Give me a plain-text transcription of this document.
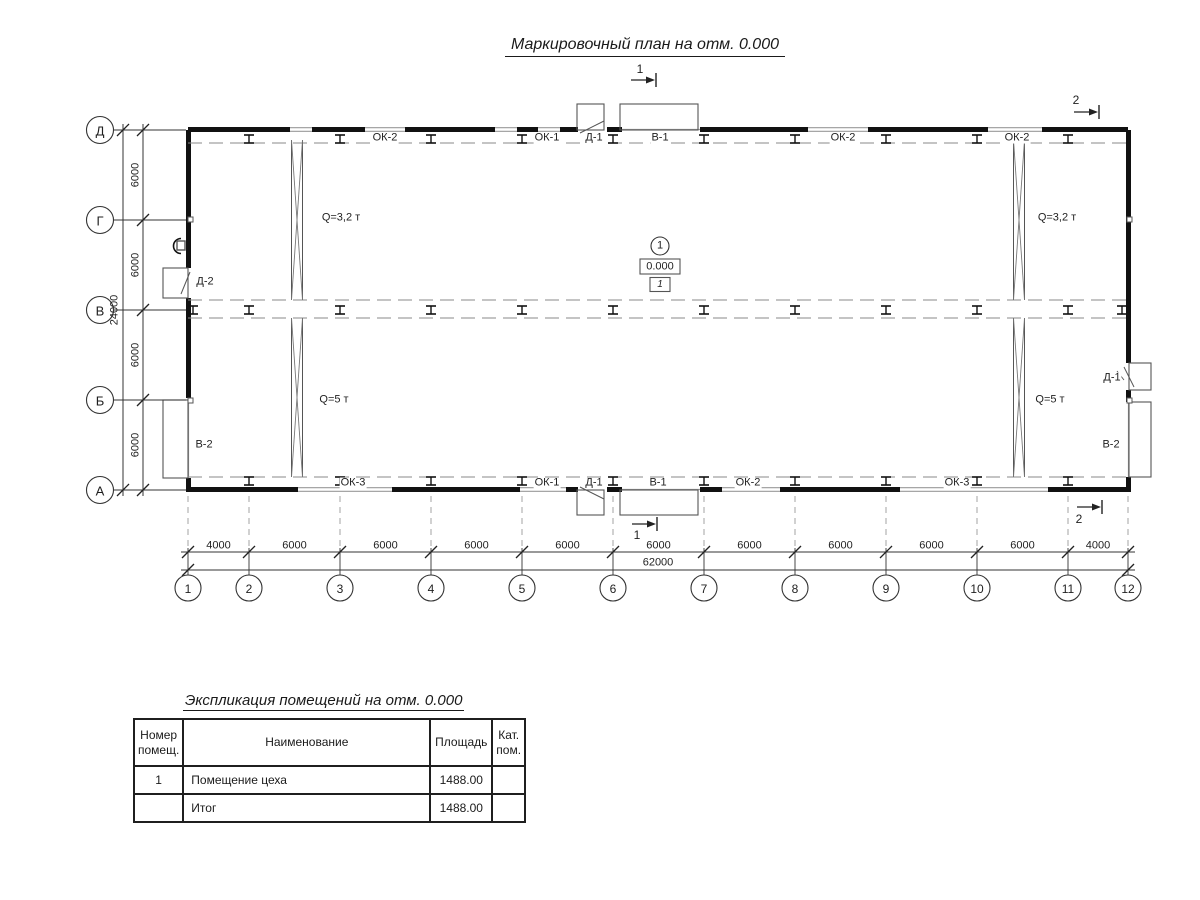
Маркировочный план на отм. 0.000
Q=3,2 т
Q=5 т
Q=3,2 т
Q=5 т
ОК-2	ОК-1 Д-1	В-1	ОК-2	ОК-2
ОК-3	ОК-1 Д-1	В-1	ОК-2	ОК-3
Д-2
В-2
Д-1
В-2
1
0.000
1
1
1
2
2
4000	6000	6000	6000	6000	6000	6000	6000	6000	6000	4000
62000
1	2	3	4	5	6	7	8	9	10	11	12
6000
6000
6000
6000
24000
Д
Г
В
Б
А
Экспликация помещений на отм. 0.000
Номер помещ.	Наименование	Площадь	Кат. пом.
1	Помещение цеха	1488.00	
	Итог	1488.00	
